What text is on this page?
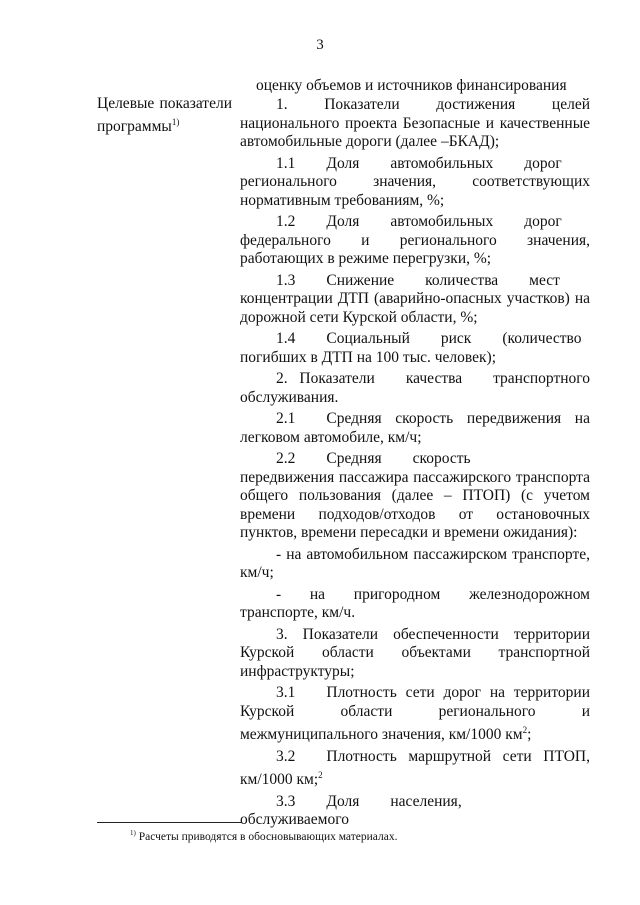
3
Целевые показатели
программы$^{1)}$

оценку объемов и источников финансирования

1. Показатели достижения целей национального проекта Безопасные и качественные автомобильные дороги (далее –БКАД);

1.1  Доля  автомобильных  дорог регионального значения, соответствующих нормативным требованиям, %;

1.2  Доля  автомобильных  дорог федерального и регионального значения, работающих в режиме перегрузки, %;

1.3  Снижение  количества  мест концентрации ДТП (аварийно-опасных участков) на дорожной сети Курской области, %;

1.4  Социальный  риск  (количество погибших в ДТП на 100 тыс. человек);

2. Показатели  качества  транспортного обслуживания.

2.1  Средняя скорость передвижения на легковом автомобиле, км/ч;

2.2  Средняя  скорость  передвижения пассажира пассажирского транспорта общего пользования (далее – ПТОП) (с учетом времени подходов/отходов от остановочных пунктов, времени пересадки и времени ожидания):

- на автомобильном пассажирском транспорте, км/ч;

- на пригородном железнодорожном транспорте, км/ч.

3. Показатели обеспеченности территории Курской области объектами транспортной инфраструктуры;

3.1  Плотность сети дорог на территории Курской области регионального и межмуниципального значения, км/1000 $км^2$;

3.2  Плотность маршрутной сети ПТОП, км/1000 км;$^2$

3.3  Доля  населения,  обслуживаемого

$^{1)}$ Расчеты приводятся в обосновывающих материалах.
